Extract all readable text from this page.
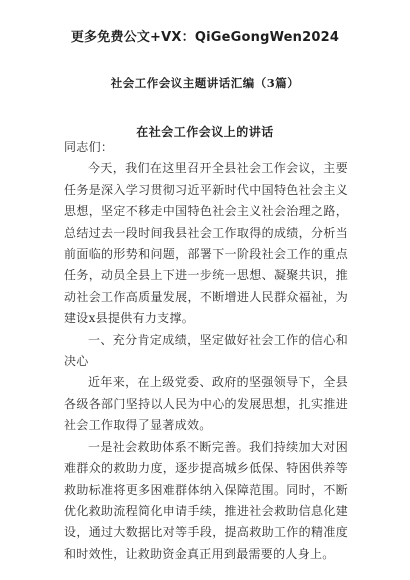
更多免费公文+VX：QiGeGongWen2024
社会工作会议主题讲话汇编（3篇）
在社会工作会议上的讲话

同志们：

今天，我们在这里召开全县社会工作会议，主要任务是深入学习贯彻习近平新时代中国特色社会主义思想，坚定不移走中国特色社会主义社会治理之路，总结过去一段时间我县社会工作取得的成绩，分析当前面临的形势和问题，部署下一阶段社会工作的重点任务，动员全县上下进一步统一思想、凝聚共识，推动社会工作高质量发展，不断增进人民群众福祉，为建设x县提供有力支撑。

一、充分肯定成绩，坚定做好社会工作的信心和决心

近年来，在上级党委、政府的坚强领导下，全县各级各部门坚持以人民为中心的发展思想，扎实推进社会工作取得了显著成效。

一是社会救助体系不断完善。我们持续加大对困难群众的救助力度，逐步提高城乡低保、特困供养等救助标准将更多困难群体纳入保障范围。同时，不断优化救助流程简化申请手续，推进社会救助信息化建设，通过大数据比对等手段，提高救助工作的精准度和时效性，让救助资金真正用到最需要的人身上。
